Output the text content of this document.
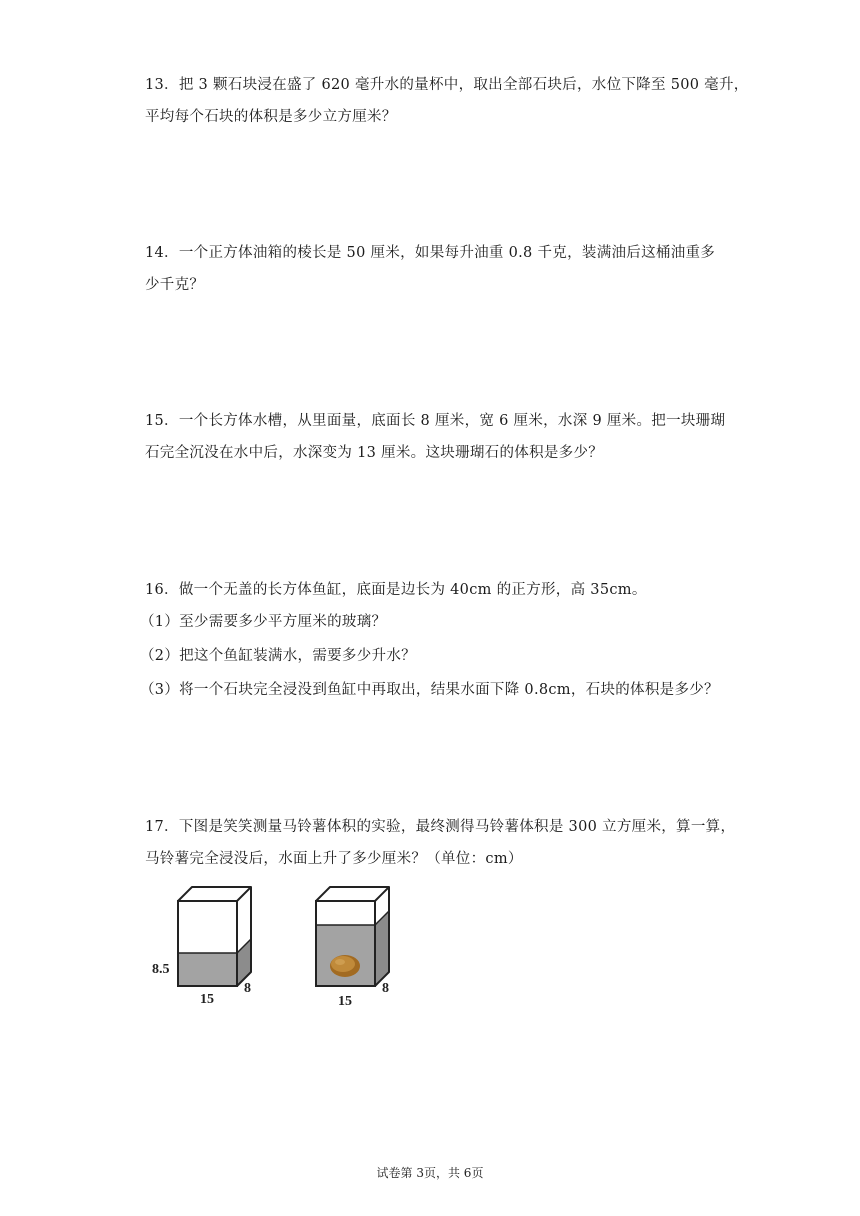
13．把 3 颗石块浸在盛了 620 毫升水的量杯中，取出全部石块后，水位下降至 500 毫升，
平均每个石块的体积是多少立方厘米？
14．一个正方体油箱的棱长是 50 厘米，如果每升油重 0.8 千克，装满油后这桶油重多
少千克？
15．一个长方体水槽，从里面量，底面长 8 厘米，宽 6 厘米，水深 9 厘米。把一块珊瑚
石完全沉没在水中后，水深变为 13 厘米。这块珊瑚石的体积是多少？
16．做一个无盖的长方体鱼缸，底面是边长为 40cm 的正方形，高 35cm。
（1）至少需要多少平方厘米的玻璃？
（2）把这个鱼缸装满水，需要多少升水？
（3）将一个石块完全浸没到鱼缸中再取出，结果水面下降 0.8cm，石块的体积是多少？
17．下图是笑笑测量马铃薯体积的实验，最终测得马铃薯体积是 300 立方厘米，算一算，
马铃薯完全浸没后，水面上升了多少厘米？（单位：cm）
8.5
15
8
15
8
试卷第 3页，共 6页
